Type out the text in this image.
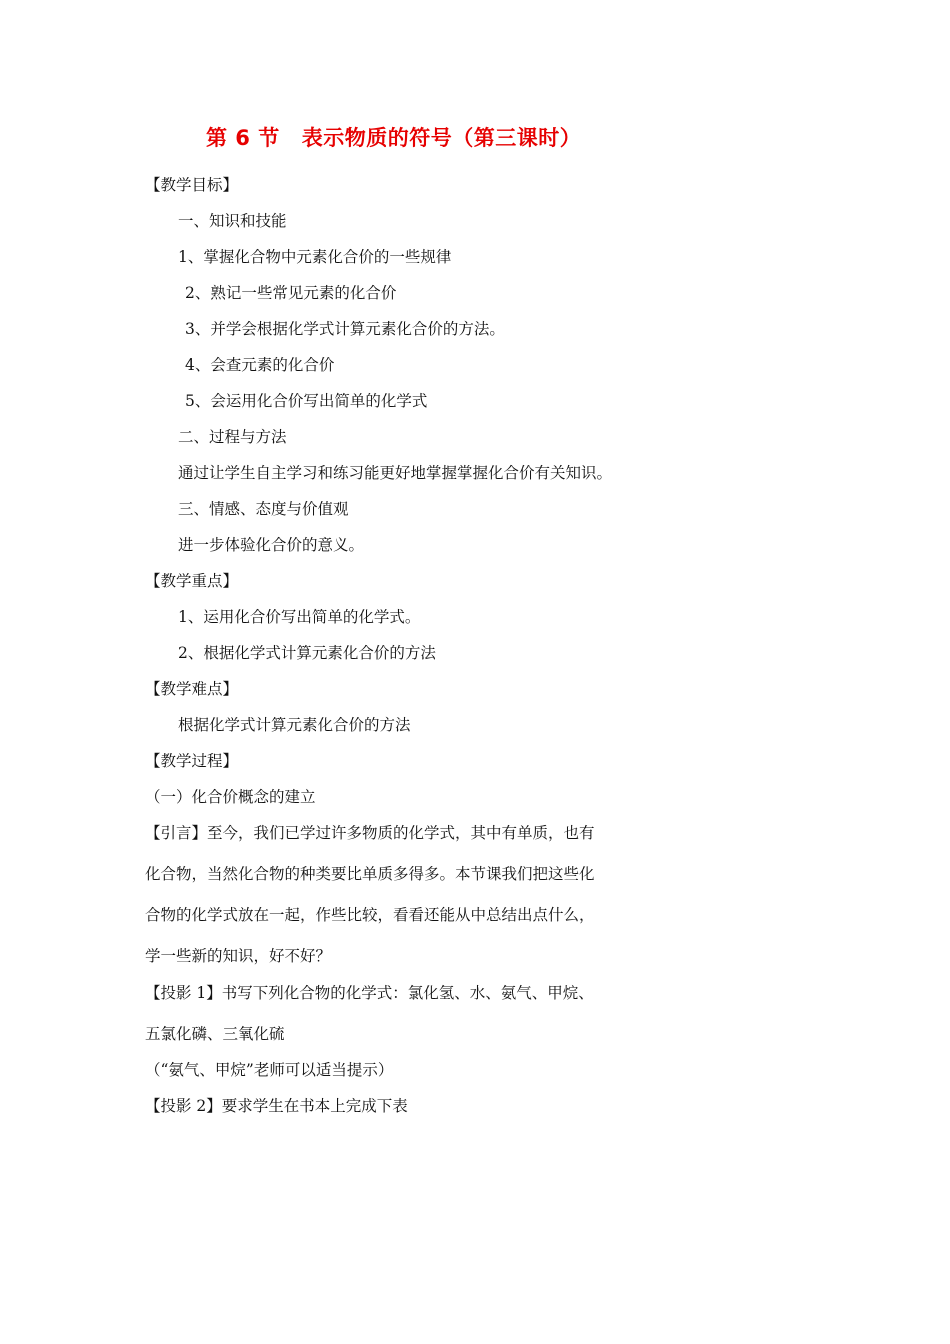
第 6 节 表示物质的符号（第三课时）
【教学目标】
一、知识和技能
1、掌握化合物中元素化合价的一些规律
2、熟记一些常见元素的化合价
3、并学会根据化学式计算元素化合价的方法。
4、会查元素的化合价
5、会运用化合价写出简单的化学式
二、过程与方法
通过让学生自主学习和练习能更好地掌握掌握化合价有关知识。
三、情感、态度与价值观
进一步体验化合价的意义。
【教学重点】
1、运用化合价写出简单的化学式。
2、根据化学式计算元素化合价的方法
【教学难点】
根据化学式计算元素化合价的方法
【教学过程】
（一）化合价概念的建立
【引言】至今，我们已学过许多物质的化学式，其中有单质，也有
化合物，当然化合物的种类要比单质多得多。本节课我们把这些化
合物的化学式放在一起，作些比较，看看还能从中总结出点什么，
学一些新的知识，好不好？
【投影 1】书写下列化合物的化学式：氯化氢、水、氨气、甲烷、
五氯化磷、三氧化硫
（“氨气、甲烷”老师可以适当提示）
【投影 2】要求学生在书本上完成下表
